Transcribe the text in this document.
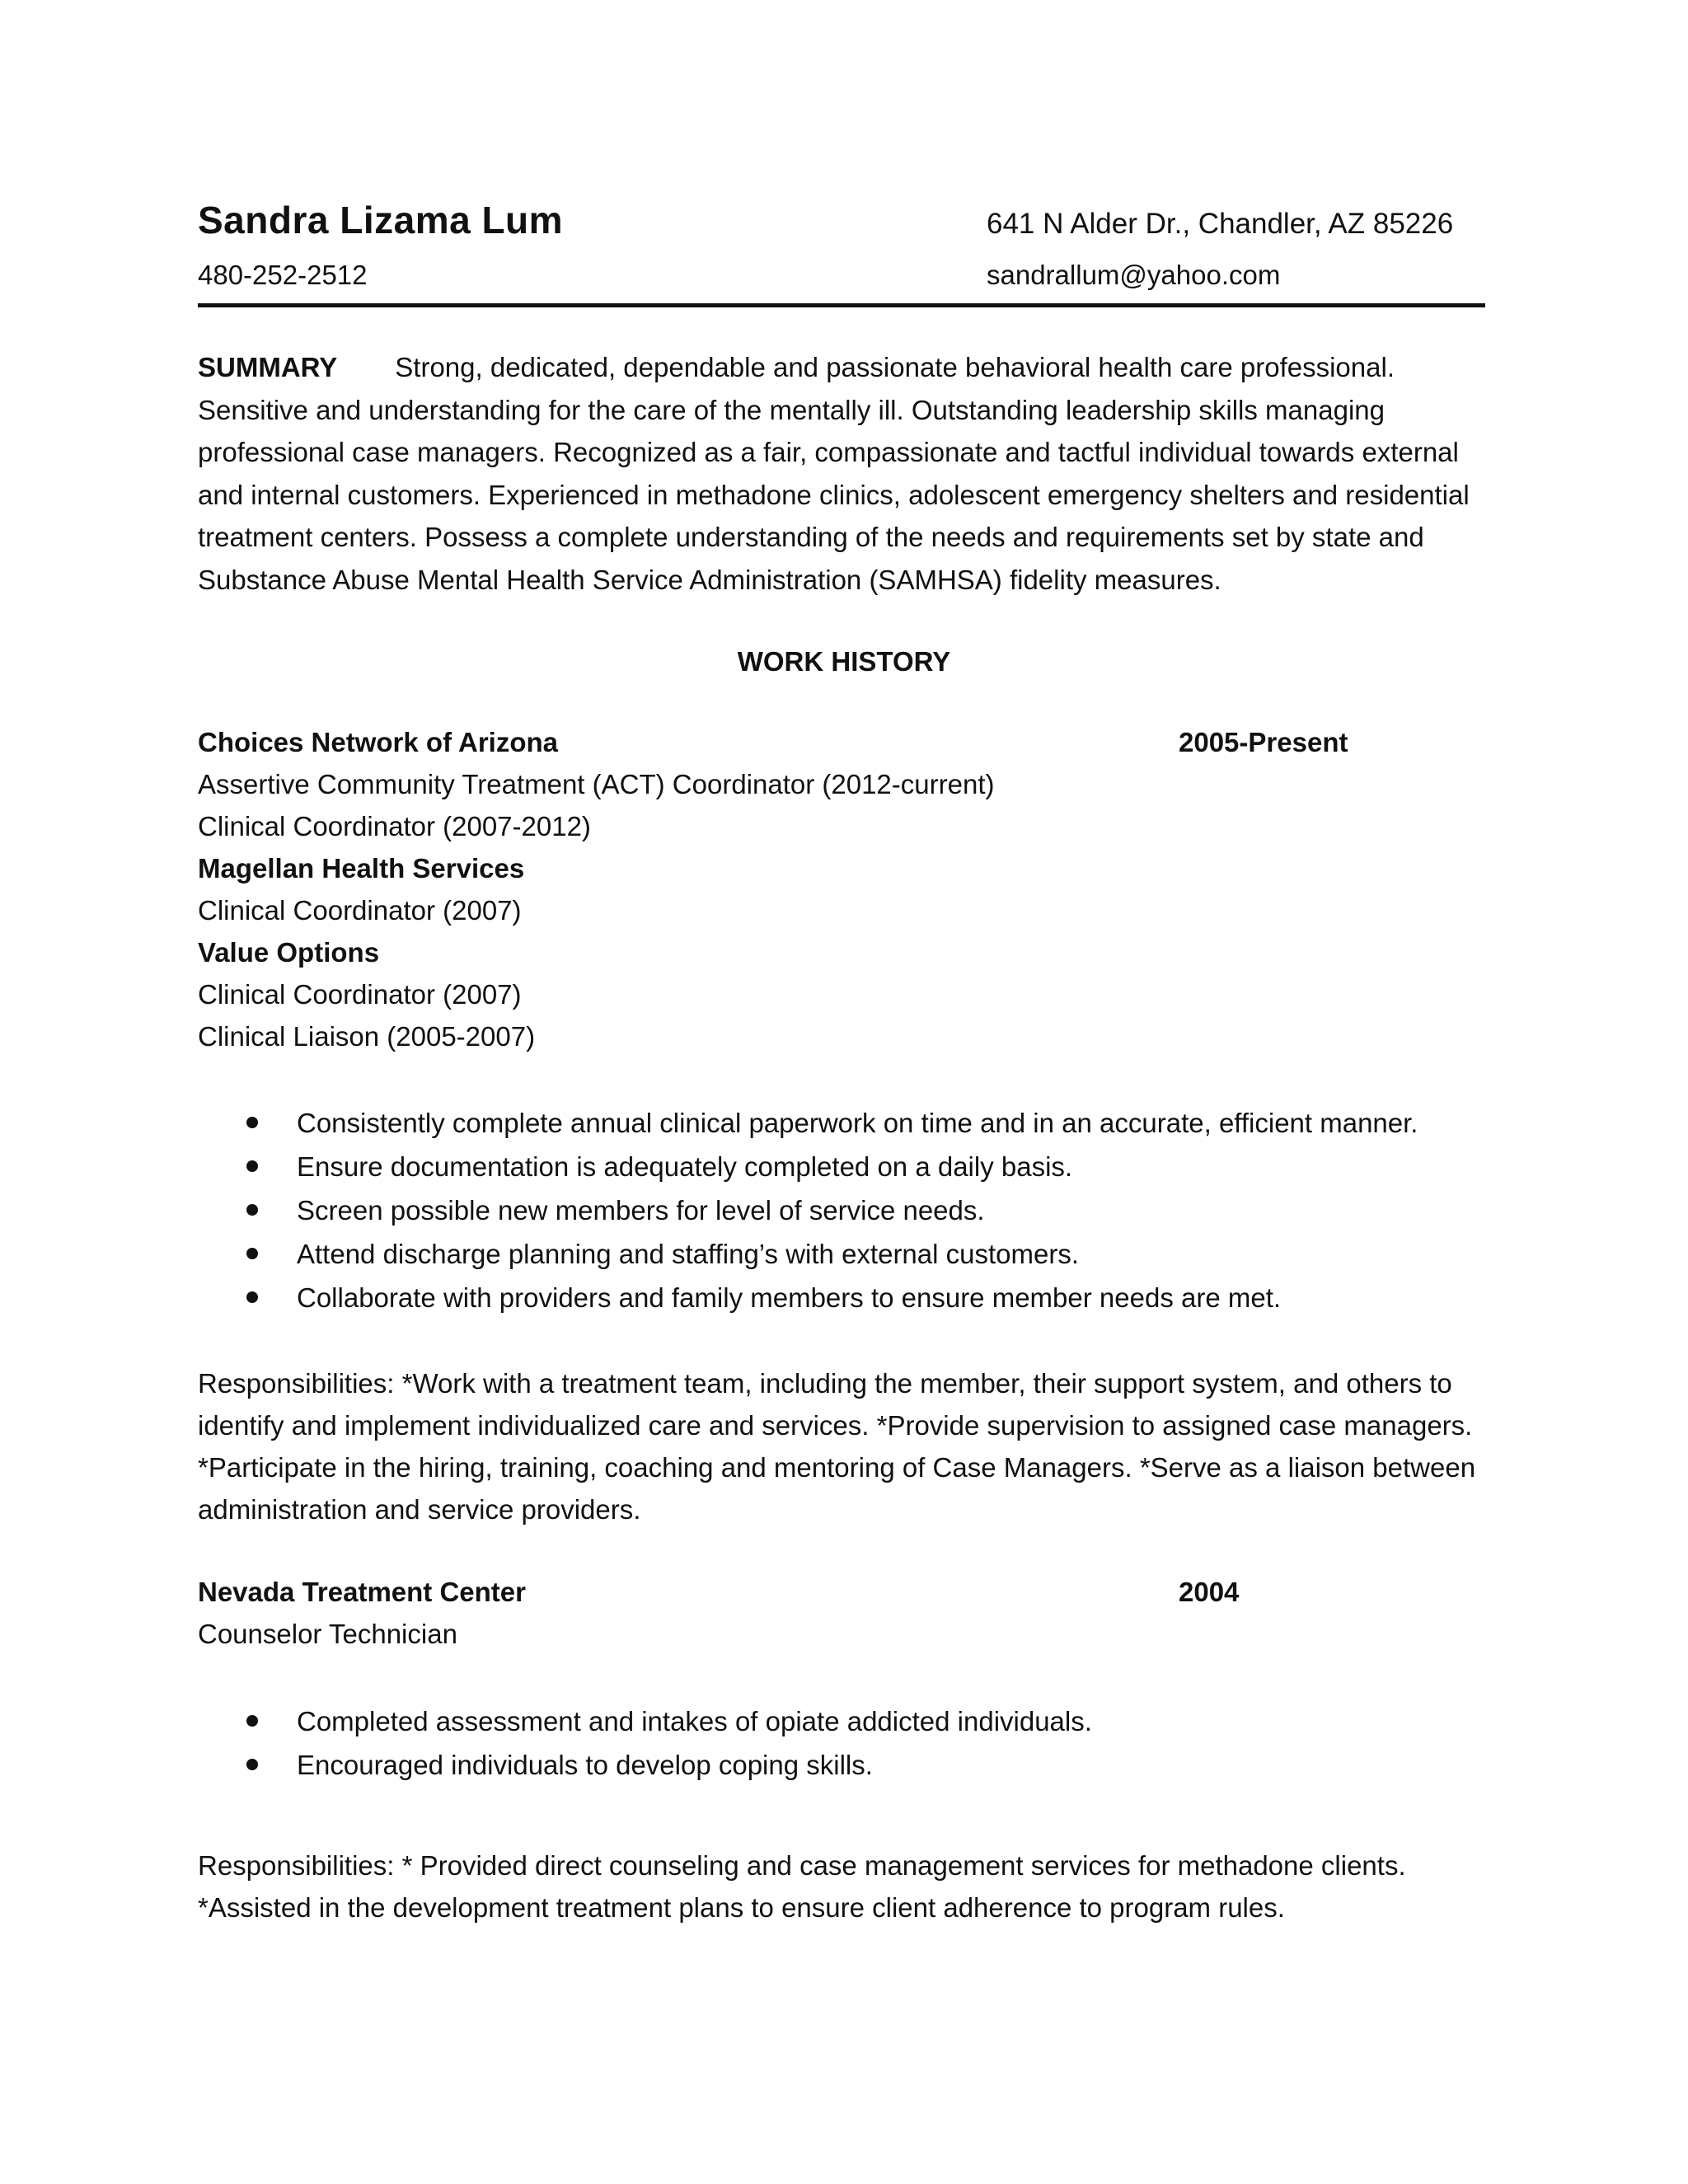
Sandra Lizama Lum	641 N Alder Dr., Chandler, AZ 85226
480-252-2512	sandrallum@yahoo.com
SUMMARY Strong, dedicated, dependable and passionate behavioral health care professional. Sensitive and understanding for the care of the mentally ill. Outstanding leadership skills managing professional case managers. Recognized as a fair, compassionate and tactful individual towards external and internal customers. Experienced in methadone clinics, adolescent emergency shelters and residential treatment centers. Possess a complete understanding of the needs and requirements set by state and Substance Abuse Mental Health Service Administration (SAMHSA) fidelity measures.
WORK HISTORY
Choices Network of Arizona	2005-Present
Assertive Community Treatment (ACT) Coordinator (2012-current)
Clinical Coordinator (2007-2012)
Magellan Health Services
Clinical Coordinator (2007)
Value Options
Clinical Coordinator (2007)
Clinical Liaison (2005-2007)
Consistently complete annual clinical paperwork on time and in an accurate, efficient manner.
Ensure documentation is adequately completed on a daily basis.
Screen possible new members for level of service needs.
Attend discharge planning and staffing’s with external customers.
Collaborate with providers and family members to ensure member needs are met.
Responsibilities: *Work with a treatment team, including the member, their support system, and others to identify and implement individualized care and services. *Provide supervision to assigned case managers. *Participate in the hiring, training, coaching and mentoring of Case Managers. *Serve as a liaison between administration and service providers.
Nevada Treatment Center	2004
Counselor Technician
Completed assessment and intakes of opiate addicted individuals.
Encouraged individuals to develop coping skills.
Responsibilities: * Provided direct counseling and case management services for methadone clients. *Assisted in the development treatment plans to ensure client adherence to program rules.
